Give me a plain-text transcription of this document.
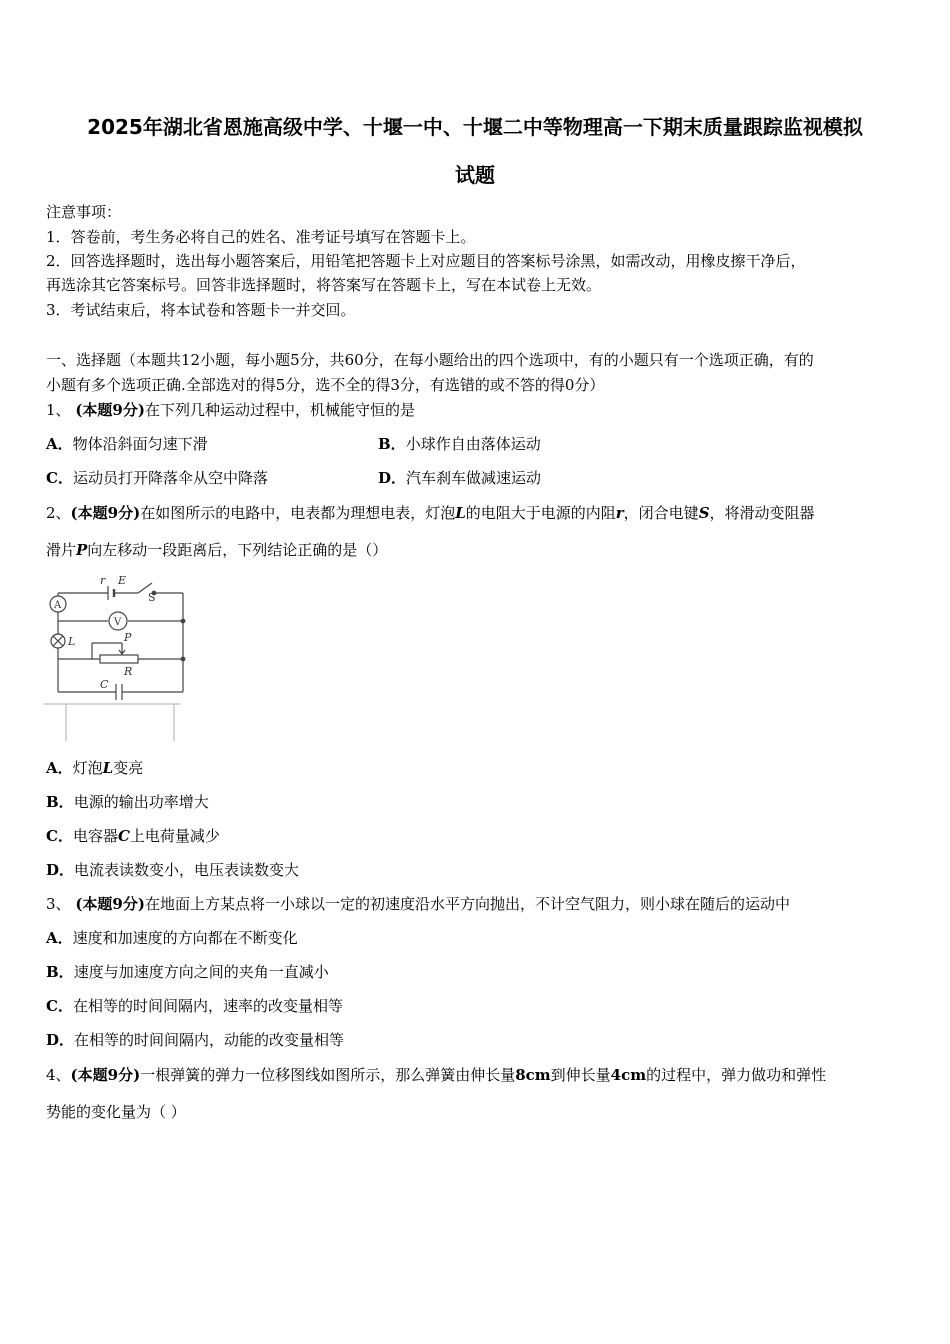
2025年湖北省恩施高级中学、十堰一中、十堰二中等物理高一下期末质量跟踪监视模拟
试题
注意事项：
1．答卷前，考生务必将自己的姓名、准考证号填写在答题卡上。
2．回答选择题时，选出每小题答案后，用铅笔把答题卡上对应题目的答案标号涂黑，如需改动，用橡皮擦干净后，
再选涂其它答案标号。回答非选择题时，将答案写在答题卡上，写在本试卷上无效。
3．考试结束后，将本试卷和答题卡一并交回。
一、选择题（本题共12小题，每小题5分，共60分，在每小题给出的四个选项中，有的小题只有一个选项正确，有的
小题有多个选项正确.全部选对的得5分，选不全的得3分，有选错的或不答的得0分）
1、 (本题9分)在下列几种运动过程中，机械能守恒的是
A．物体沿斜面匀速下滑	B．小球作自由落体运动
C．运动员打开降落伞从空中降落	D．汽车刹车做减速运动
2、(本题9分)在如图所示的电路中，电表都为理想电表，灯泡L的电阻大于电源的内阻r，闭合电键S，将滑动变阻器
滑片P向左移动一段距离后，下列结论正确的是（）
r E
S
A
V
L	P
R
C
A．灯泡L变亮
B．电源的输出功率增大
C．电容器C上电荷量减少
D．电流表读数变小，电压表读数变大
3、 (本题9分)在地面上方某点将一小球以一定的初速度沿水平方向抛出，不计空气阻力，则小球在随后的运动中
A．速度和加速度的方向都在不断变化
B．速度与加速度方向之间的夹角一直减小
C．在相等的时间间隔内，速率的改变量相等
D．在相等的时间间隔内，动能的改变量相等
4、(本题9分)一根弹簧的弹力一位移图线如图所示，那么弹簧由伸长量8cm到伸长量4cm的过程中，弹力做功和弹性
势能的变化量为（ ）
